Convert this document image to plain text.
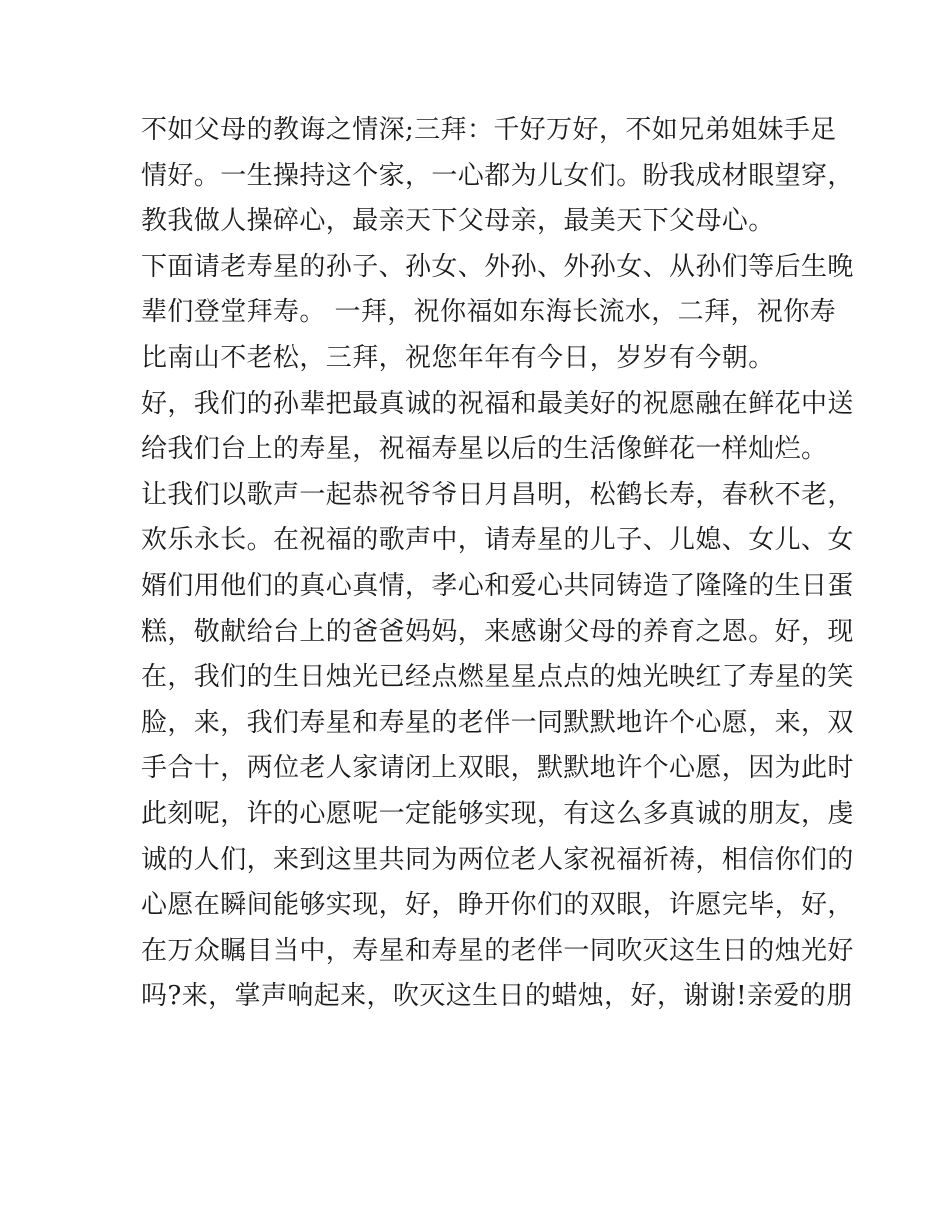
不如父母的教诲之情深;三拜：千好万好，不如兄弟姐妹手足
情好。一生操持这个家，一心都为儿女们。盼我成材眼望穿，
教我做人操碎心，最亲天下父母亲，最美天下父母心。
下面请老寿星的孙子、孙女、外孙、外孙女、从孙们等后生晚
辈们登堂拜寿。 一拜，祝你福如东海长流水，二拜，祝你寿
比南山不老松，三拜，祝您年年有今日，岁岁有今朝。
好，我们的孙辈把最真诚的祝福和最美好的祝愿融在鲜花中送
给我们台上的寿星，祝福寿星以后的生活像鲜花一样灿烂。
让我们以歌声一起恭祝爷爷日月昌明，松鹤长寿，春秋不老，
欢乐永长。在祝福的歌声中，请寿星的儿子、儿媳、女儿、女
婿们用他们的真心真情，孝心和爱心共同铸造了隆隆的生日蛋
糕，敬献给台上的爸爸妈妈，来感谢父母的养育之恩。好，现
在，我们的生日烛光已经点燃星星点点的烛光映红了寿星的笑
脸，来，我们寿星和寿星的老伴一同默默地许个心愿，来，双
手合十，两位老人家请闭上双眼，默默地许个心愿，因为此时
此刻呢，许的心愿呢一定能够实现，有这么多真诚的朋友，虔
诚的人们，来到这里共同为两位老人家祝福祈祷，相信你们的
心愿在瞬间能够实现，好，睁开你们的双眼，许愿完毕，好，
在万众瞩目当中，寿星和寿星的老伴一同吹灭这生日的烛光好
吗?来，掌声响起来，吹灭这生日的蜡烛，好，谢谢!亲爱的朋
